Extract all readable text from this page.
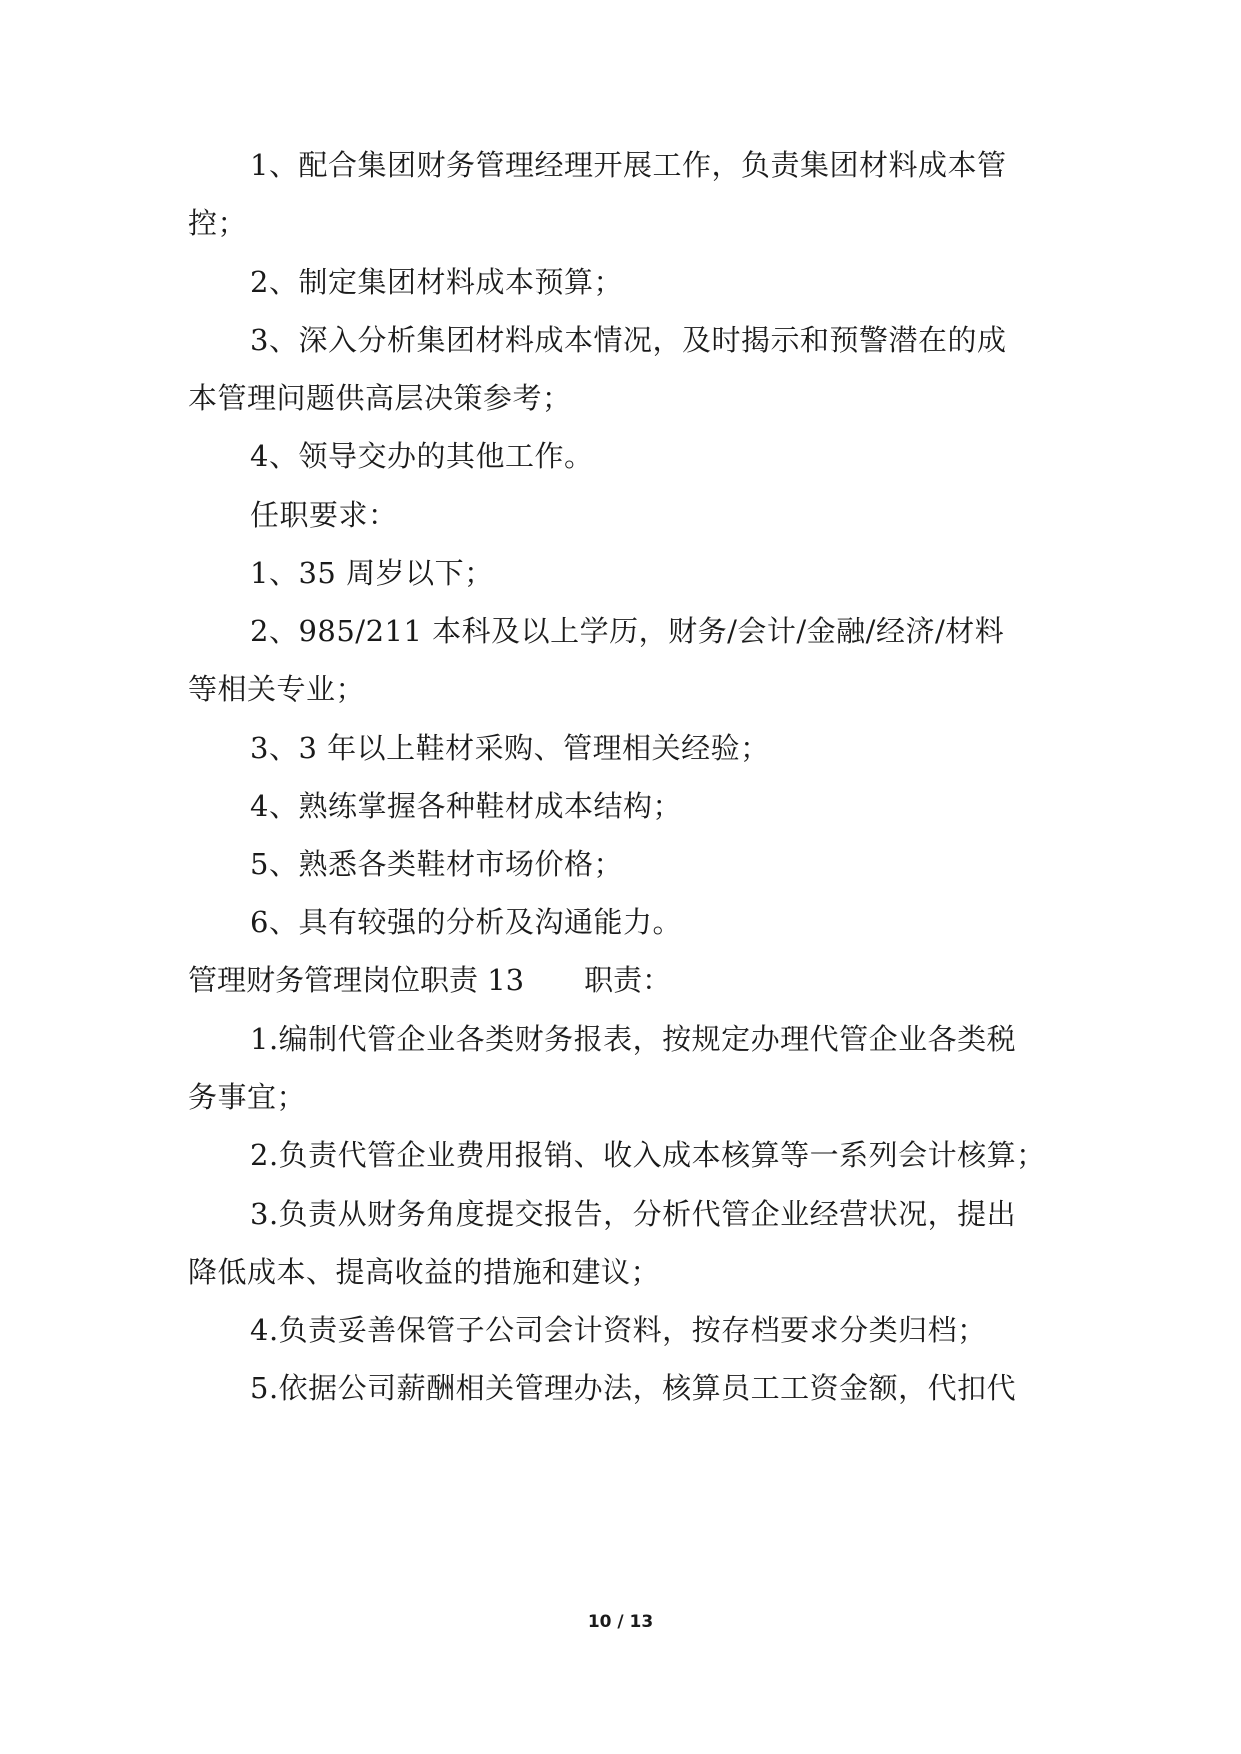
1、配合集团财务管理经理开展工作，负责集团材料成本管
控；
2、制定集团材料成本预算；
3、深入分析集团材料成本情况，及时揭示和预警潜在的成
本管理问题供高层决策参考；
4、领导交办的其他工作。
任职要求：
1、35 周岁以下；
2、985/211 本科及以上学历，财务/会计/金融/经济/材料
等相关专业；
3、3 年以上鞋材采购、管理相关经验；
4、熟练掌握各种鞋材成本结构；
5、熟悉各类鞋材市场价格；
6、具有较强的分析及沟通能力。
管理财务管理岗位职责 13 职责：
1.编制代管企业各类财务报表，按规定办理代管企业各类税
务事宜；
2.负责代管企业费用报销、收入成本核算等一系列会计核算；
3.负责从财务角度提交报告，分析代管企业经营状况，提出
降低成本、提高收益的措施和建议；
4.负责妥善保管子公司会计资料，按存档要求分类归档；
5.依据公司薪酬相关管理办法，核算员工工资金额，代扣代
10 / 13
